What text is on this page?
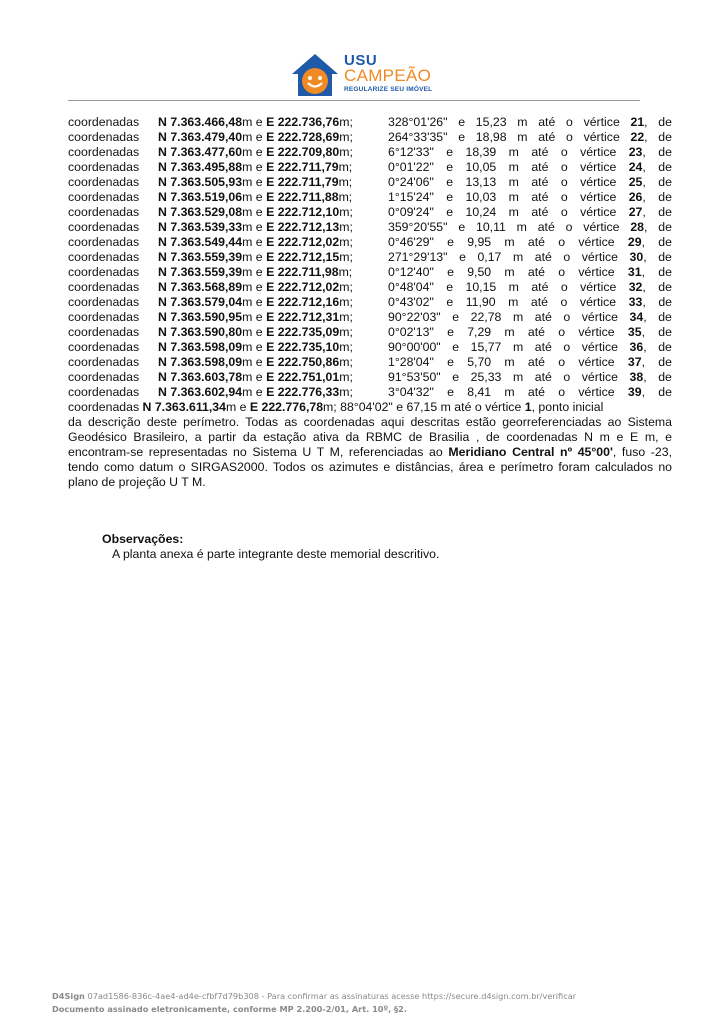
USU
CAMPEÃO
REGULARIZE SEU IMÓVEL
coordenadas	N 7.363.466,48m e E 222.736,76m;	328°01'26" e 15,23 m até o vértice 21, de
coordenadas	N 7.363.479,40m e E 222.728,69m;	264°33'35" e 18,98 m até o vértice 22, de
coordenadas	N 7.363.477,60m e E 222.709,80m;	6°12'33" e 18,39 m até o vértice 23, de
coordenadas	N 7.363.495,88m e E 222.711,79m;	0°01'22" e 10,05 m até o vértice 24, de
coordenadas	N 7.363.505,93m e E 222.711,79m;	0°24'06" e 13,13 m até o vértice 25, de
coordenadas	N 7.363.519,06m e E 222.711,88m;	1°15'24" e 10,03 m até o vértice 26, de
coordenadas	N 7.363.529,08m e E 222.712,10m;	0°09'24" e 10,24 m até o vértice 27, de
coordenadas	N 7.363.539,33m e E 222.712,13m;	359°20'55" e 10,11 m até o vértice 28, de
coordenadas	N 7.363.549,44m e E 222.712,02m;	0°46'29" e 9,95 m até o vértice 29, de
coordenadas	N 7.363.559,39m e E 222.712,15m;	271°29'13" e 0,17 m até o vértice 30, de
coordenadas	N 7.363.559,39m e E 222.711,98m;	0°12'40" e 9,50 m até o vértice 31, de
coordenadas	N 7.363.568,89m e E 222.712,02m;	0°48'04" e 10,15 m até o vértice 32, de
coordenadas	N 7.363.579,04m e E 222.712,16m;	0°43'02" e 11,90 m até o vértice 33, de
coordenadas	N 7.363.590,95m e E 222.712,31m;	90°22'03" e 22,78 m até o vértice 34, de
coordenadas	N 7.363.590,80m e E 222.735,09m;	0°02'13" e 7,29 m até o vértice 35, de
coordenadas	N 7.363.598,09m e E 222.735,10m;	90°00'00" e 15,77 m até o vértice 36, de
coordenadas	N 7.363.598,09m e E 222.750,86m;	1°28'04" e 5,70 m até o vértice 37, de
coordenadas	N 7.363.603,78m e E 222.751,01m;	91°53'50" e 25,33 m até o vértice 38, de
coordenadas	N 7.363.602,94m e E 222.776,33m;	3°04'32" e 8,41 m até o vértice 39, de
coordenadas N 7.363.611,34m e E 222.776,78m; 88°04'02" e 67,15 m até o vértice 1, ponto inicial
da descrição deste perímetro. Todas as coordenadas aqui descritas estão georreferenciadas ao Sistema Geodésico Brasileiro, a partir da estação ativa da RBMC de Brasilia , de coordenadas N m e E m, e encontram-se representadas no Sistema U T M, referenciadas ao Meridiano Central nº 45°00', fuso -23, tendo como datum o SIRGAS2000. Todos os azimutes e distâncias, área e perímetro foram calculados no plano de projeção U T M.
Observações:
A planta anexa é parte integrante deste memorial descritivo.
D4Sign 07ad1586-836c-4ae4-ad4e-cfbf7d79b308 - Para confirmar as assinaturas acesse https://secure.d4sign.com.br/verificar
Documento assinado eletronicamente, conforme MP 2.200-2/01, Art. 10º, §2.
